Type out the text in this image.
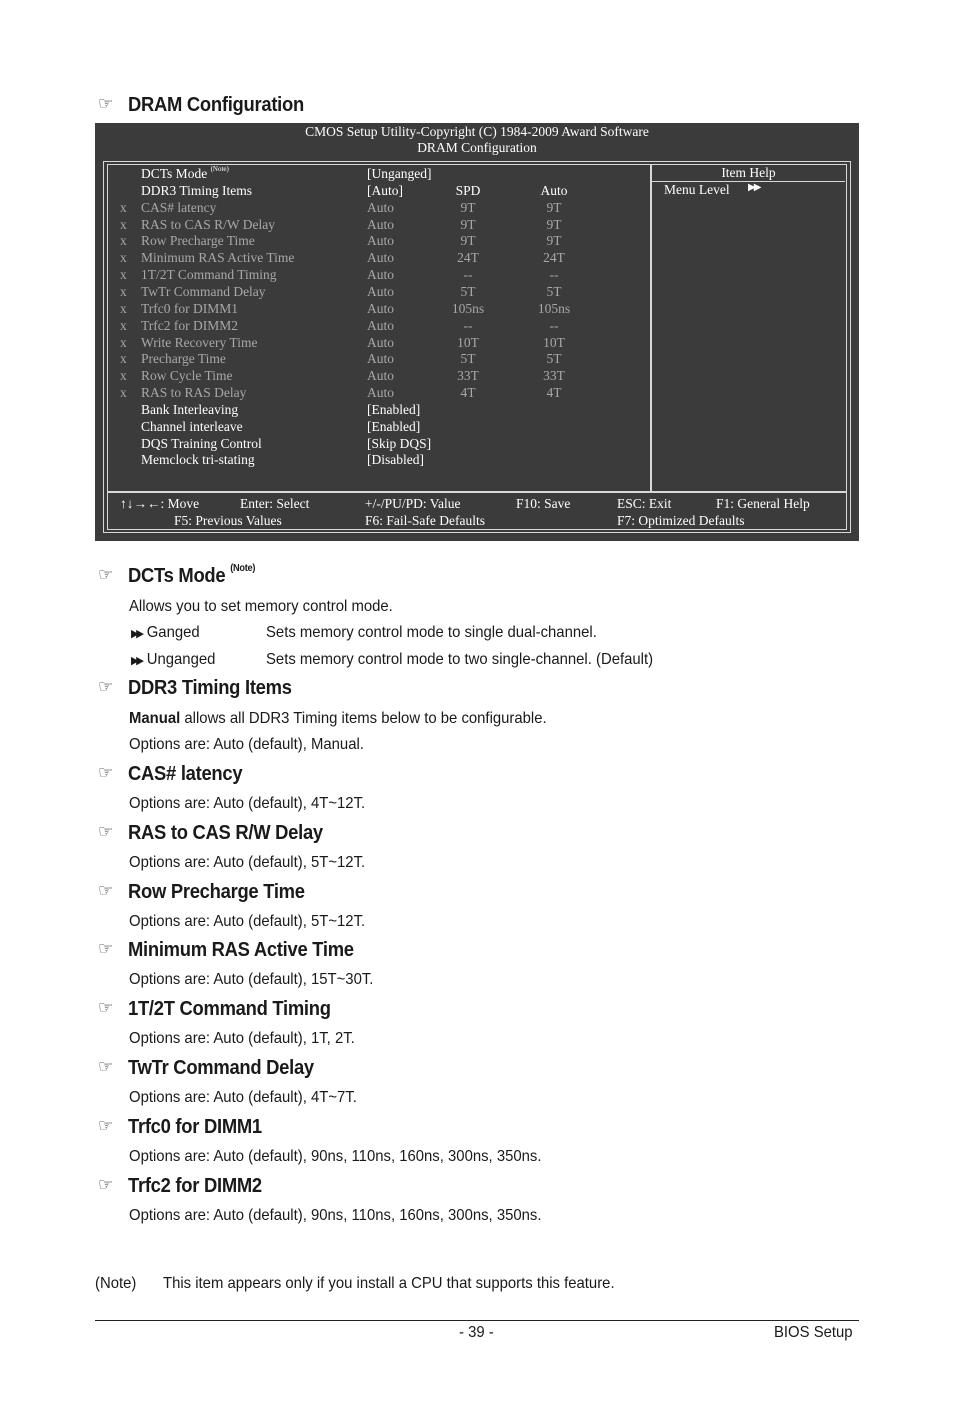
☞ DRAM Configuration
CMOS Setup Utility-Copyright (C) 1984-2009 Award Software
DRAM Configuration
Item Help
Menu Level ▶▶
DCTs Mode $^{(Note)}$	[Unganged]
DDR3 Timing Items	[Auto]	SPD	Auto
x CAS# latency	Auto	9T	9T
x RAS to CAS R/W Delay	Auto	9T	9T
x Row Precharge Time	Auto	9T	9T
x Minimum RAS Active Time	Auto	24T	24T
x 1T/2T Command Timing	Auto	--	--
x TwTr Command Delay	Auto	5T	5T
x Trfc0 for DIMM1	Auto	105ns	105ns
x Trfc2 for DIMM2	Auto	--	--
x Write Recovery Time	Auto	10T	10T
x Precharge Time	Auto	5T	5T
x Row Cycle Time	Auto	33T	33T
x RAS to RAS Delay	Auto	4T	4T
Bank Interleaving	[Enabled]
Channel interleave	[Enabled]
DQS Training Control	[Skip DQS]
Memclock tri-stating	[Disabled]
↑↓→←: Move	Enter: Select	+/-/PU/PD: Value	F10: Save	ESC: Exit	F1: General Help
F5: Previous Values	F6: Fail-Safe Defaults	F7: Optimized Defaults
☞ DCTs Mode $^{(Note)}$
Allows you to set memory control mode.
▶▶ Ganged	Sets memory control mode to single dual-channel.
▶▶ Unganged	Sets memory control mode to two single-channel. (Default)
☞ DDR3 Timing Items
Manual allows all DDR3 Timing items below to be configurable.
Options are: Auto (default), Manual.
☞ CAS# latency
Options are: Auto (default), 4T~12T.
☞ RAS to CAS R/W Delay
Options are: Auto (default), 5T~12T.
☞ Row Precharge Time
Options are: Auto (default), 5T~12T.
☞ Minimum RAS Active Time
Options are: Auto (default), 15T~30T.
☞ 1T/2T Command Timing
Options are: Auto (default), 1T, 2T.
☞ TwTr Command Delay
Options are: Auto (default), 4T~7T.
☞ Trfc0 for DIMM1
Options are: Auto (default), 90ns, 110ns, 160ns, 300ns, 350ns.
☞ Trfc2 for DIMM2
Options are: Auto (default), 90ns, 110ns, 160ns, 300ns, 350ns.
(Note) This item appears only if you install a CPU that supports this feature.
- 39 -	BIOS Setup
